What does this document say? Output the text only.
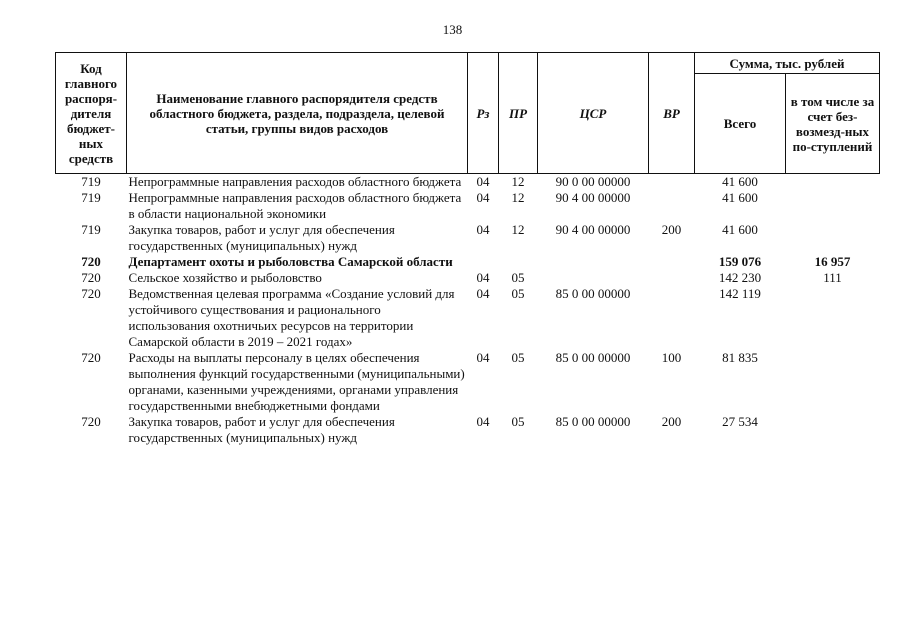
138
Код главного распоря-дителя бюджет-ных средств	Наименование главного распорядителя средств областного бюджета, раздела, подраздела, целевой статьи, группы видов расходов	Рз	ПР	ЦСР	ВР	Сумма, тыс. рублей	
						Всего	в том числе за счет без-возмезд-ных по-ступлений
719	Непрограммные направления расходов областного бюджета	04	12	90 0 00 00000		41 600	
719	Непрограммные направления расходов областного бюджета в области национальной экономики	04	12	90 4 00 00000		41 600	
719	Закупка товаров, работ и услуг для обеспечения государственных (муниципальных) нужд	04	12	90 4 00 00000	200	41 600	
720	Департамент охоты и рыболовства Самарской области					159 076	16 957
720	Сельское хозяйство и рыболовство	04	05			142 230	111
720	Ведомственная целевая программа «Создание условий для устойчивого существования и рационального использования охотничьих ресурсов на территории Самарской области в 2019 – 2021 годах»	04	05	85 0 00 00000		142 119	
720	Расходы на выплаты персоналу в целях обеспечения выполнения функций государственными (муниципальными) органами, казенными учреждениями, органами управления государственными внебюджетными фондами	04	05	85 0 00 00000	100	81 835	
720	Закупка товаров, работ и услуг для обеспечения государственных (муниципальных) нужд	04	05	85 0 00 00000	200	27 534	
